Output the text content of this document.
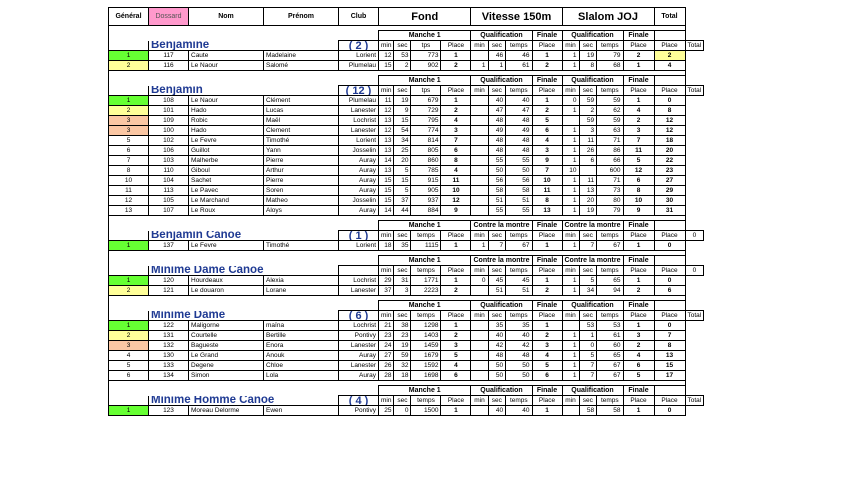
Général	Dossard	Nom	Prénom	Club	Fond				Vitesse 150m				Slalom JOJ				Total	

					Manche 1				Qualification			Finale	Qualification			Finale		
	Benjamine			( 2 )	min	sec	tps	Place	min	sec	temps	Place	min	sec	temps	Place	Place	Total
1	117	Caute	Madelaine	Lorient	12	53	773	1		46	46	1	1	19	79	2	2	
2	116	Le Naour	Salomé	Plumelau	15	2	902	2	1	1	61	2	1	8	68	1	4	

					Manche 1				Qualification			Finale	Qualification			Finale		
	Benjamin			( 12 )	min	sec	tps	Place	min	sec	temps	Place	min	sec	temps	Place	Place	Total
1	108	Le Naour	Clément	Plumelau	11	19	679	1		40	40	1	0	59	59	1	0	
2	101	Hado	Lucas	Lanester	12	9	729	2		47	47	2	1	2	62	4	8	
3	109	Robic	Maël	Lochrist	13	15	795	4		48	48	5		59	59	2	12	
3	100	Hado	Clement	Lanester	12	54	774	3		49	49	6	1	3	63	3	12	
5	102	Le Fevre	Timothé	Lorient	13	34	814	7		48	48	4	1	11	71	7	18	
6	106	Guillot	Yann	Josselin	13	25	805	6		48	48	3	1	26	86	11	20	
7	103	Malherbe	Pierre	Auray	14	20	860	8		55	55	9	1	6	66	5	22	
8	110	Giboul	Arthur	Auray	13	5	785	4		50	50	7	10		600	12	23	
10	104	Sachet	Pierre	Auray	15	15	915	11		56	56	10	1	11	71	6	27	
11	113	Le Pavec	Soren	Auray	15	5	905	10		58	58	11	1	13	73	8	29	
12	105	Le Marchand	Matheo	Josselin	15	37	937	12		51	51	8	1	20	80	10	30	
13	107	Le Roux	Aloys	Auray	14	44	884	9		55	55	13	1	19	79	9	31	

					Manche 1				Contre la montre			Finale	Contre la montre			Finale		
	Benjamin Canoë			( 1 )	min	sec	temps	Place	min	sec	temps	Place	min	sec	temps	Place	Place	0
1	137	Le Fevre	Timothé	Lorient	18	35	1115	1	1	7	67	1	1	7	67	1	0	

					Manche 1				Contre la montre			Finale	Contre la montre			Finale		
	Minime Dame Canoë				min	sec	temps	Place	min	sec	temps	Place	min	sec	temps	Place	Place	0
1	120	Hourdeaux	Alexia	Lochrist	29	31	1771	1	0	45	45	1	1	5	65	1	0	
2	121	Le douaron	Lorane	Lanester	37	3	2223	2		51	51	2	1	34	94	2	6	

					Manche 1				Qualification			Finale	Qualification			Finale		
	Minime Dame			( 6 )	min	sec	temps	Place	min	sec	temps	Place	min	sec	temps	Place	Place	Total
1	122	Maligorne	maïna	Lochrist	21	38	1298	1		35	35	1		53	53	1	0	
2	131	Courtelle	Bertille	Pontivy	23	23	1403	2		40	40	2	1	1	61	3	7	
3	132	Bagueste	Enora	Lanester	24	19	1459	3		42	42	3	1	0	60	2	8	
4	130	Le Grand	Anouk	Auray	27	59	1679	5		48	48	4	1	5	65	4	13	
5	133	Degene	Chloe	Lanester	26	32	1592	4		50	50	5	1	7	67	6	15	
6	134	Simon	Lola	Auray	28	18	1698	6		50	50	6	1	7	67	5	17	

					Manche 1				Qualification			Finale	Qualification			Finale		
	Minime Homme Canoë			( 4 )	min	sec	temps	Place	min	sec	temps	Place	min	sec	temps	Place	Place	Total
1	123	Moreau Delorme	Ewen	Pontivy	25	0	1500	1		40	40	1		58	58	1	0	
